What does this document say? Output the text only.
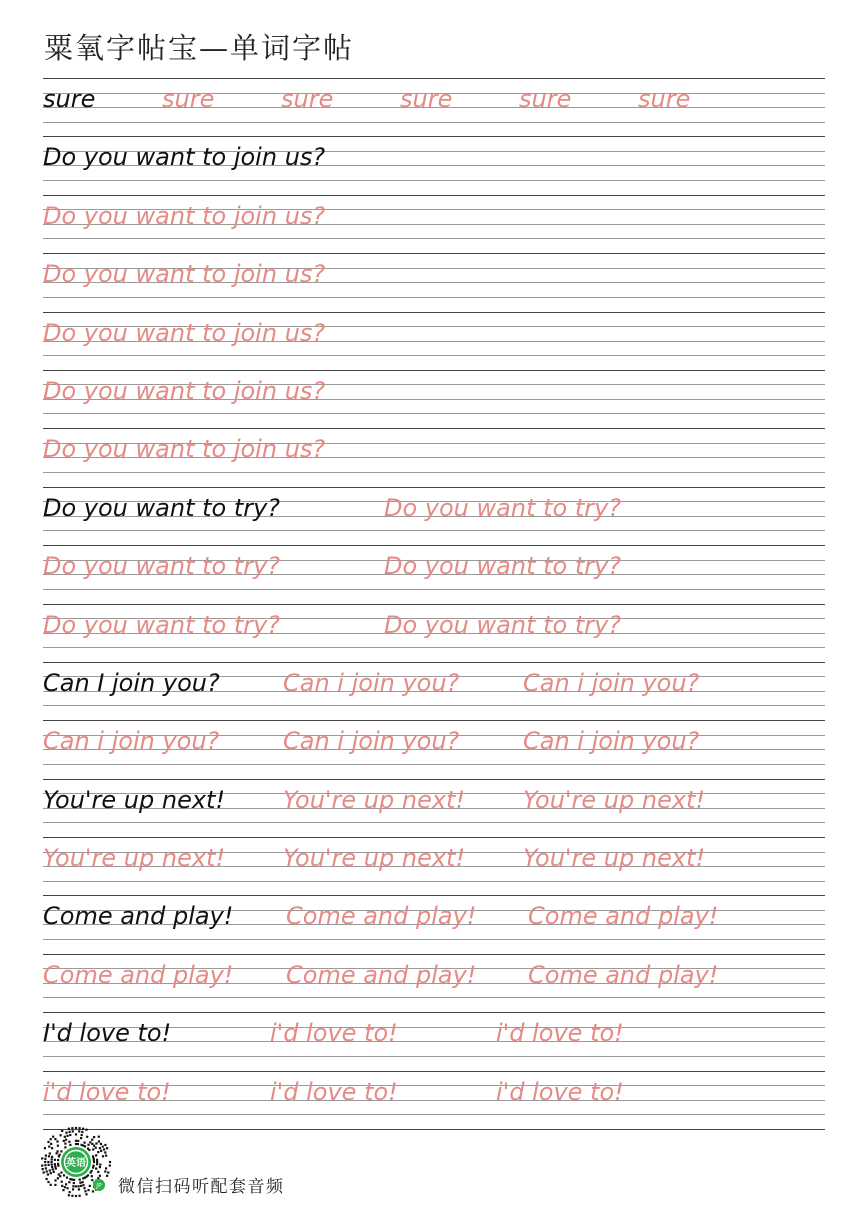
粟氧字帖宝—单词字帖
sure	sure	sure	sure	sure	sure
Do you want to join us?
Do you want to join us?
Do you want to join us?
Do you want to join us?
Do you want to join us?
Do you want to join us?
Do you want to try?	Do you want to try?
Do you want to try?	Do you want to try?
Do you want to try?	Do you want to try?
Can I join you?	Can i join you?	Can i join you?
Can i join you?	Can i join you?	Can i join you?
You're up next! You're up next! You're up next!
You're up next! You're up next! You're up next!
Come and play! Come and play! Come and play!
Come and play! Come and play! Come and play!
I'd love to!	i'd love to!	i'd love to!
i'd love to!	i'd love to!	i'd love to!
英语
JP 微信扫码听配套音频
